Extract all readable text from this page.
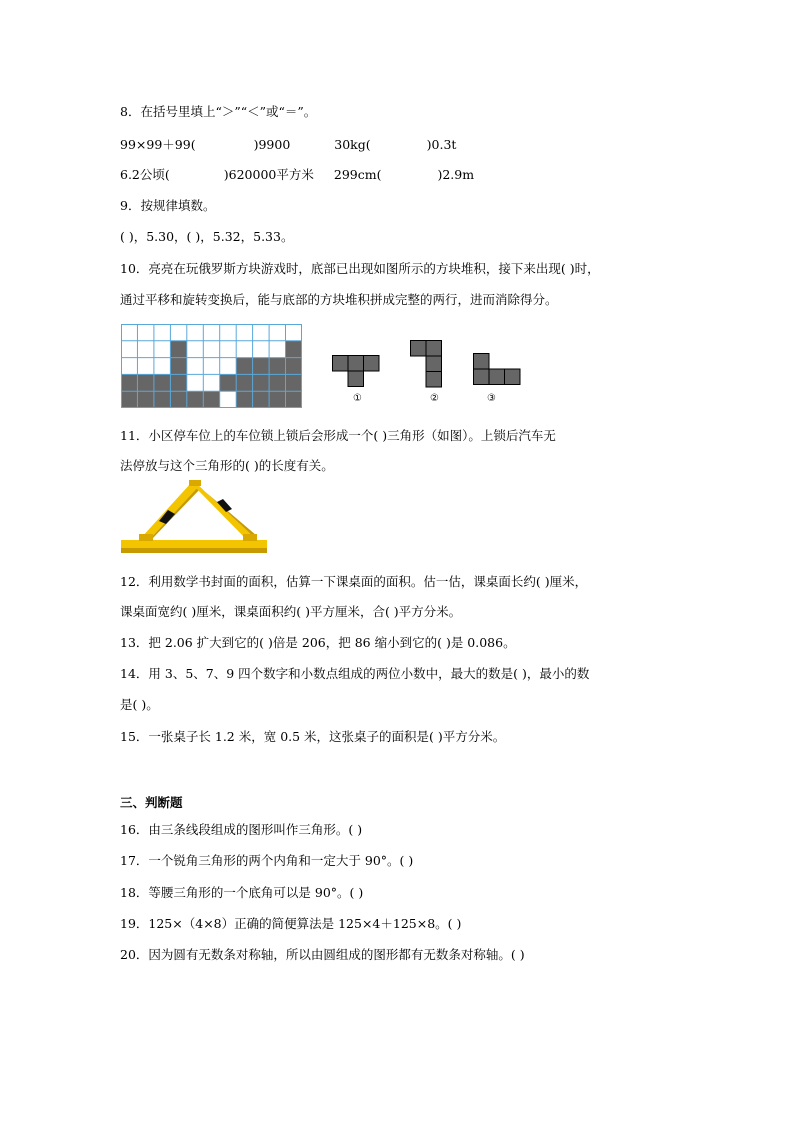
8．在括号里填上“＞”“＜”或“＝”。
99×99＋99(	)9900	30kg(	)0.3t
6.2公顷(	)620000平方米 299cm(	)2.9m
9．按规律填数。
( )，5.30，( )，5.32，5.33。
10．亮亮在玩俄罗斯方块游戏时，底部已出现如图所示的方块堆积，接下来出现( )时，
通过平移和旋转变换后，能与底部的方块堆积拼成完整的两行，进而消除得分。
①	②	③
11．小区停车位上的车位锁上锁后会形成一个( )三角形（如图）。上锁后汽车无
法停放与这个三角形的( )的长度有关。
12．利用数学书封面的面积，估算一下课桌面的面积。估一估，课桌面长约( )厘米，
课桌面宽约( )厘米，课桌面积约( )平方厘米，合( )平方分米。
13．把 2.06 扩大到它的( )倍是 206，把 86 缩小到它的( )是 0.086。
14．用 3、5、7、9 四个数字和小数点组成的两位小数中，最大的数是( )，最小的数
是( )。
15．一张桌子长 1.2 米，宽 0.5 米，这张桌子的面积是( )平方分米。
三、判断题
16．由三条线段组成的图形叫作三角形。( )
17．一个锐角三角形的两个内角和一定大于 90°。( )
18．等腰三角形的一个底角可以是 90°。( )
19．125×（4×8）正确的简便算法是 125×4＋125×8。( )
20．因为圆有无数条对称轴，所以由圆组成的图形都有无数条对称轴。( )
